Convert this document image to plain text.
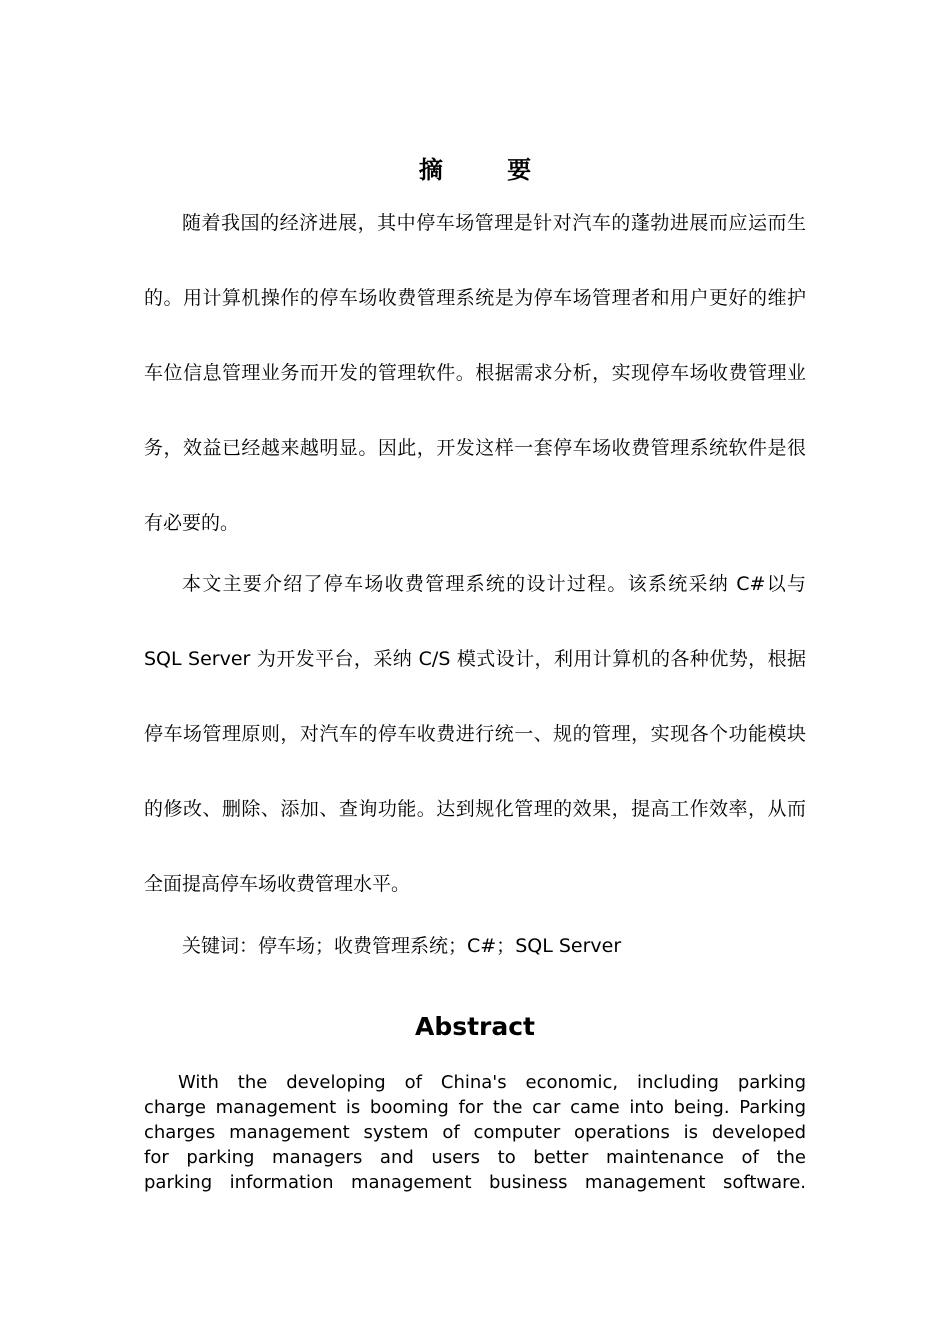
摘 要
随着我国的经济进展，其中停车场管理是针对汽车的蓬勃进展而应运而生
的。用计算机操作的停车场收费管理系统是为停车场管理者和用户更好的维护
车位信息管理业务而开发的管理软件。根据需求分析，实现停车场收费管理业
务，效益已经越来越明显。因此，开发这样一套停车场收费管理系统软件是很
有必要的。
本文主要介绍了停车场收费管理系统的设计过程。该系统采纳 C#以与
SQL Server 为开发平台，采纳 C/S 模式设计，利用计算机的各种优势，根据
停车场管理原则，对汽车的停车收费进行统一、规的管理，实现各个功能模块
的修改、删除、添加、查询功能。达到规化管理的效果，提高工作效率，从而
全面提高停车场收费管理水平。
关键词：停车场；收费管理系统；C#；SQL Server
Abstract
With the developing of China's economic, including parking
charge management is booming for the car came into being. Parking
charges management system of computer operations is developed
for parking managers and users to better maintenance of the
parking information management business management software.
